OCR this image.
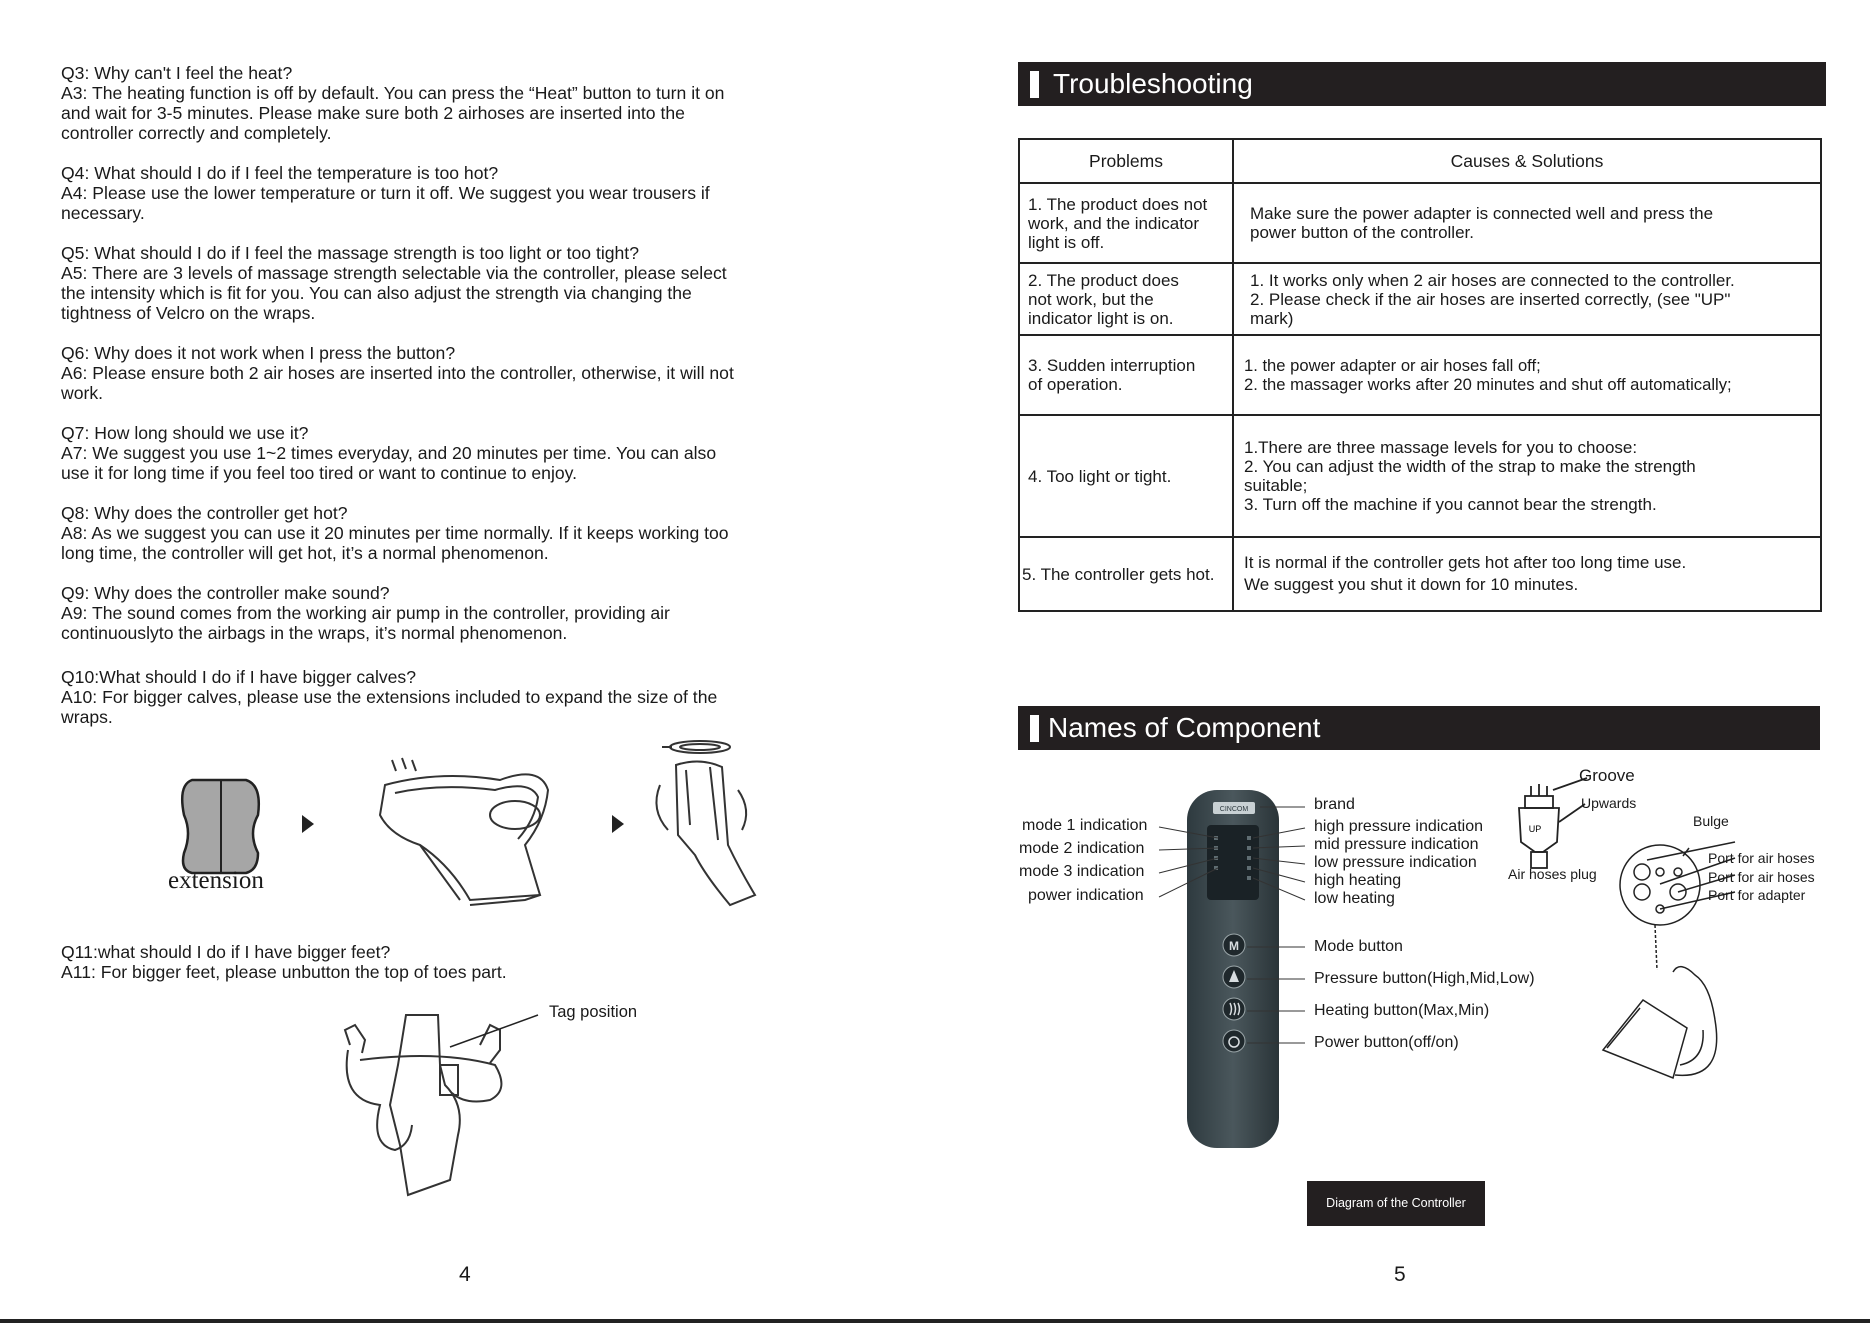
Q3: Why can't I feel the heat?
A3: The heating function is off by default. You can press the “Heat” button to turn it on
and wait for 3-5 minutes. Please make sure both 2 airhoses are inserted into the
controller correctly and completely.
Q4: What should I do if I feel the temperature is too hot?
A4: Please use the lower temperature or turn it off. We suggest you wear trousers if
necessary.
Q5: What should I do if I feel the massage strength is too light or too tight?
A5: There are 3 levels of massage strength selectable via the controller, please select
the intensity which is fit for you. You can also adjust the strength via changing the
tightness of Velcro on the wraps.
Q6: Why does it not work when I press the button?
A6: Please ensure both 2 air hoses are inserted into the controller, otherwise, it will not
work.
Q7: How long should we use it?
A7: We suggest you use 1~2 times everyday, and 20 minutes per time. You can also
use it for long time if you feel too tired or want to continue to enjoy.
Q8: Why does the controller get hot?
A8: As we suggest you can use it 20 minutes per time normally. If it keeps working too
long time, the controller will get hot, it’s a normal phenomenon.
Q9: Why does the controller make sound?
A9: The sound comes from the working air pump in the controller, providing air
continuouslyto the airbags in the wraps, it’s normal phenomenon.
Q10:What should I do if I have bigger calves?
A10: For bigger calves, please use the extensions included to expand the size of the
wraps.
extension
Q11:what should I do if I have bigger feet?
A11: For bigger feet, please unbutton the top of toes part.
Tag position
4
Troubleshooting
Problems	Causes & Solutions

1. The product does not
work, and the indicator
light is off.	Make sure the power adapter is connected well and press the
power button of the controller.

2. The product does
not work, but the
indicator light is on.	1. It works only when 2 air hoses are connected to the controller.
2. Please check if the air hoses are inserted correctly, (see "UP"
mark)

3. Sudden interruption
of operation.	1. the power adapter or air hoses fall off;
2. the massager works after 20 minutes and shut off automatically;

4. Too light or tight.	1.There are three massage levels for you to choose:
2. You can adjust the width of the strap to make the strength
suitable;
3. Turn off the machine if you cannot bear the strength.

5. The controller gets hot.	It is normal if the controller gets hot after too long time use.
We suggest you shut it down for 10 minutes.
Names of Component
CINCOM
M
UP
mode 1 indication
mode 2 indication
mode 3 indication
power indication
brand
high pressure indication
mid pressure indication
low pressure indication
high heating
low heating
Mode button
Pressure button(High,Mid,Low)
Heating button(Max,Min)
Power button(off/on)
Groove
Upwards
Air hoses plug
Bulge
Port for air hoses
Port for air hoses
Port for adapter
Diagram of the Controller
5
